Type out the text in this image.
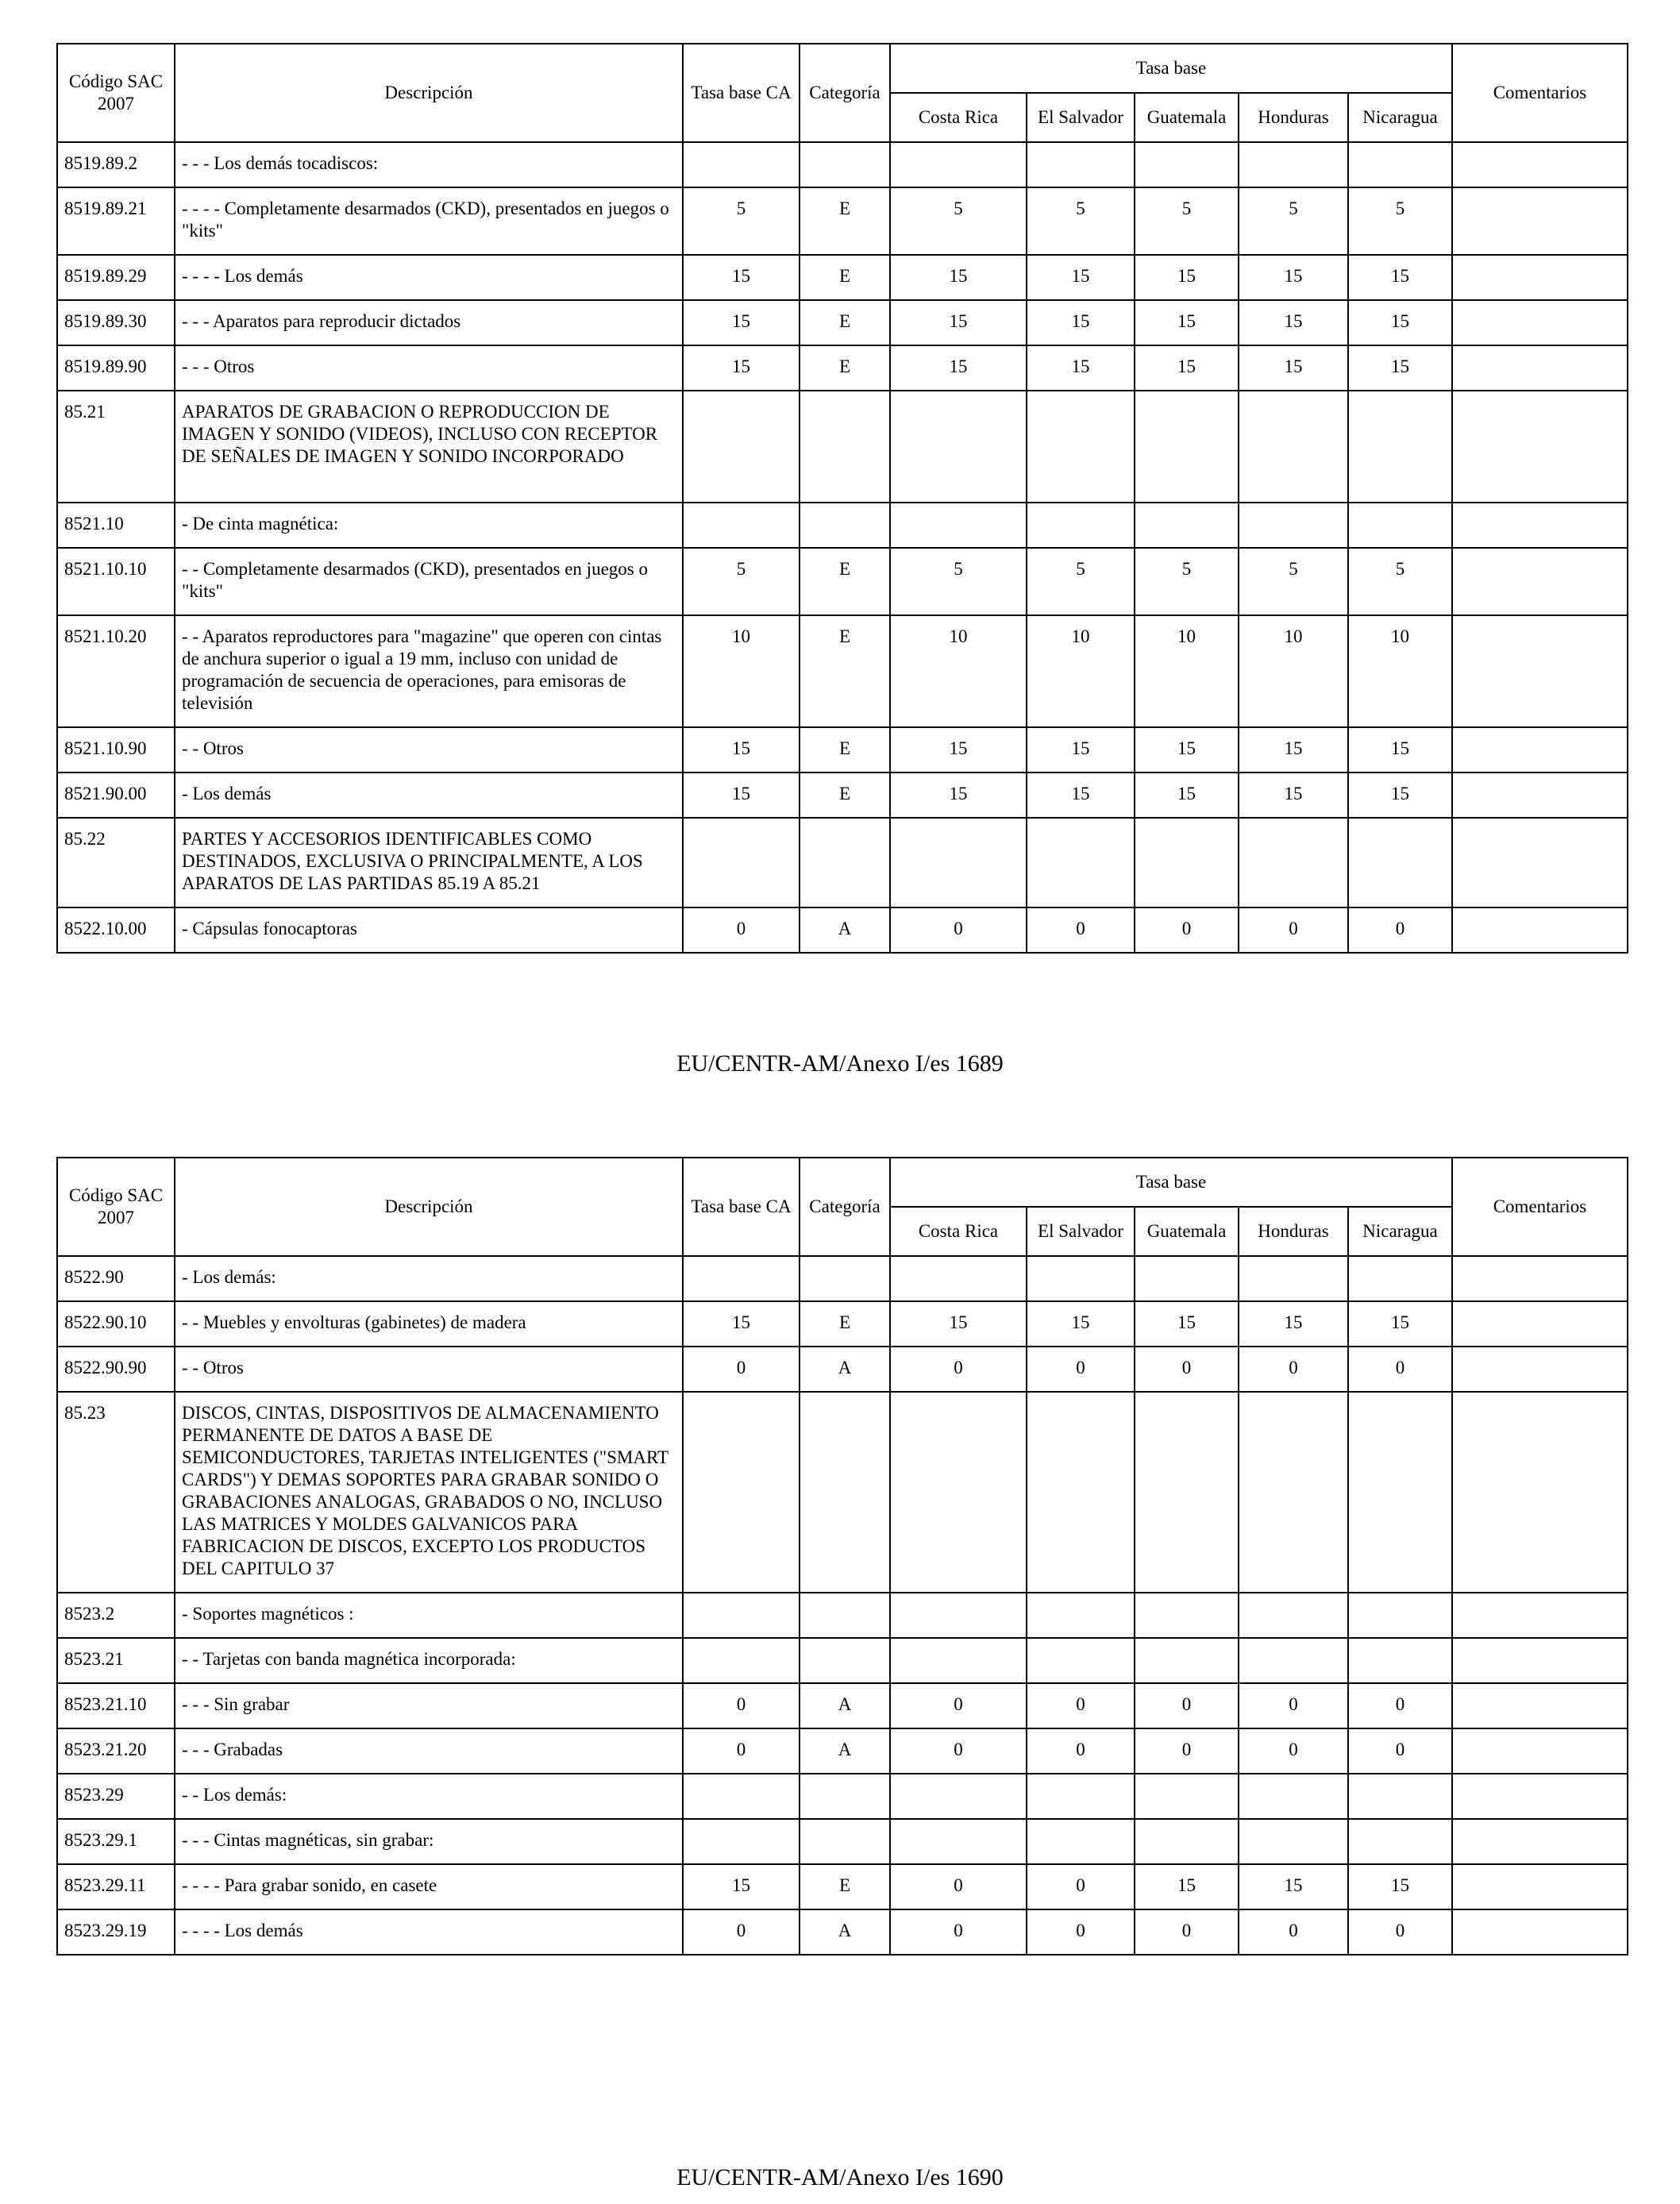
Código SAC 2007	Descripción	Tasa base CA	Categoría	Tasa base					Comentarios
				Costa Rica	El Salvador	Guatemala	Honduras	Nicaragua	
8519.89.2	- - - Los demás tocadiscos:								
8519.89.21	- - - - Completamente desarmados (CKD), presentados en juegos o "kits"	5	E	5	5	5	5	5	
8519.89.29	- - - - Los demás	15	E	15	15	15	15	15	
8519.89.30	- - - Aparatos para reproducir dictados	15	E	15	15	15	15	15	
8519.89.90	- - - Otros	15	E	15	15	15	15	15	
85.21	APARATOS DE GRABACION O REPRODUCCION DE IMAGEN Y SONIDO (VIDEOS), INCLUSO CON RECEPTOR DE SEÑALES DE IMAGEN Y SONIDO INCORPORADO								
8521.10	- De cinta magnética:								
8521.10.10	- - Completamente desarmados (CKD), presentados en juegos o "kits"	5	E	5	5	5	5	5	
8521.10.20	- - Aparatos reproductores para "magazine" que operen con cintas de anchura superior o igual a 19 mm, incluso con unidad de programación de secuencia de operaciones, para emisoras de televisión	10	E	10	10	10	10	10	
8521.10.90	- - Otros	15	E	15	15	15	15	15	
8521.90.00	- Los demás	15	E	15	15	15	15	15	
85.22	PARTES Y ACCESORIOS IDENTIFICABLES COMO DESTINADOS, EXCLUSIVA O PRINCIPALMENTE, A LOS APARATOS DE LAS PARTIDAS 85.19 A 85.21								
8522.10.00	- Cápsulas fonocaptoras	0	A	0	0	0	0	0	
EU/CENTR-AM/Anexo I/es 1689
Código SAC 2007	Descripción	Tasa base CA	Categoría	Tasa base					Comentarios
				Costa Rica	El Salvador	Guatemala	Honduras	Nicaragua	
8522.90	- Los demás:								
8522.90.10	- - Muebles y envolturas (gabinetes) de madera	15	E	15	15	15	15	15	
8522.90.90	- - Otros	0	A	0	0	0	0	0	
85.23	DISCOS, CINTAS, DISPOSITIVOS DE ALMACENAMIENTO PERMANENTE DE DATOS A BASE DE SEMICONDUCTORES, TARJETAS INTELIGENTES ("SMART CARDS") Y DEMAS SOPORTES PARA GRABAR SONIDO O GRABACIONES ANALOGAS, GRABADOS O NO, INCLUSO LAS MATRICES Y MOLDES GALVANICOS PARA FABRICACION DE DISCOS, EXCEPTO LOS PRODUCTOS DEL CAPITULO 37								
8523.2	- Soportes magnéticos :								
8523.21	- - Tarjetas con banda magnética incorporada:								
8523.21.10	- - - Sin grabar	0	A	0	0	0	0	0	
8523.21.20	- - - Grabadas	0	A	0	0	0	0	0	
8523.29	- - Los demás:								
8523.29.1	- - - Cintas magnéticas, sin grabar:								
8523.29.11	- - - - Para grabar sonido, en casete	15	E	0	0	15	15	15	
8523.29.19	- - - - Los demás	0	A	0	0	0	0	0	
EU/CENTR-AM/Anexo I/es 1690
